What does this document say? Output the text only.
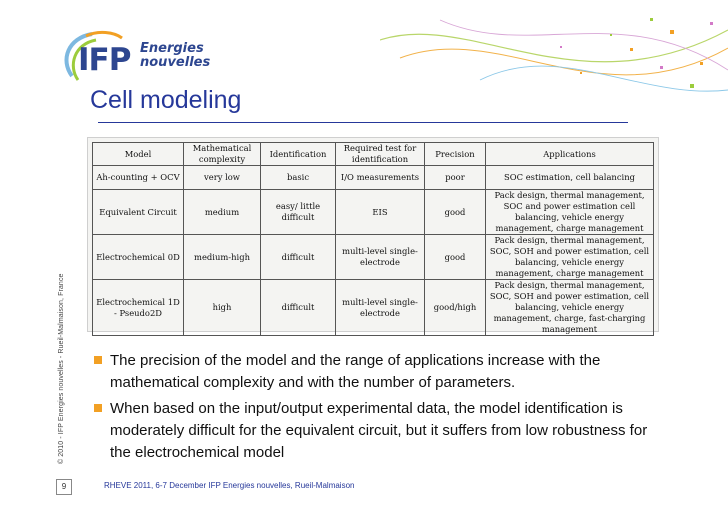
IFP Energies
nouvelles
Cell modeling
© 2010 - IFP Energies nouvelles - Rueil-Malmaison, France
Model	Mathematical complexity	Identification	Required test for identification	Precision	Applications
Ah-counting + OCV	very low	basic	I/O measurements	poor	SOC estimation, cell balancing
Equivalent Circuit	medium	easy/ little difficult	EIS	good	Pack design, thermal management, SOC and power estimation cell balancing, vehicle energy management, charge management
Electrochemical 0D	medium-high	difficult	multi-level single-electrode	good	Pack design, thermal management, SOC, SOH and power estimation, cell balancing, vehicle energy management, charge management
Electrochemical 1D - Pseudo2D	high	difficult	multi-level single-electrode	good/high	Pack design, thermal management, SOC, SOH and power estimation, cell balancing, vehicle energy management, charge, fast-charging management
The precision of the model and the range of applications increase with the mathematical complexity and with the number of parameters.
When based on the input/output experimental data, the model identification is moderately difficult for the equivalent circuit, but it suffers from low robustness for the electrochemical model
9	RHEVE 2011, 6-7 December IFP Energies nouvelles, Rueil-Malmaison
